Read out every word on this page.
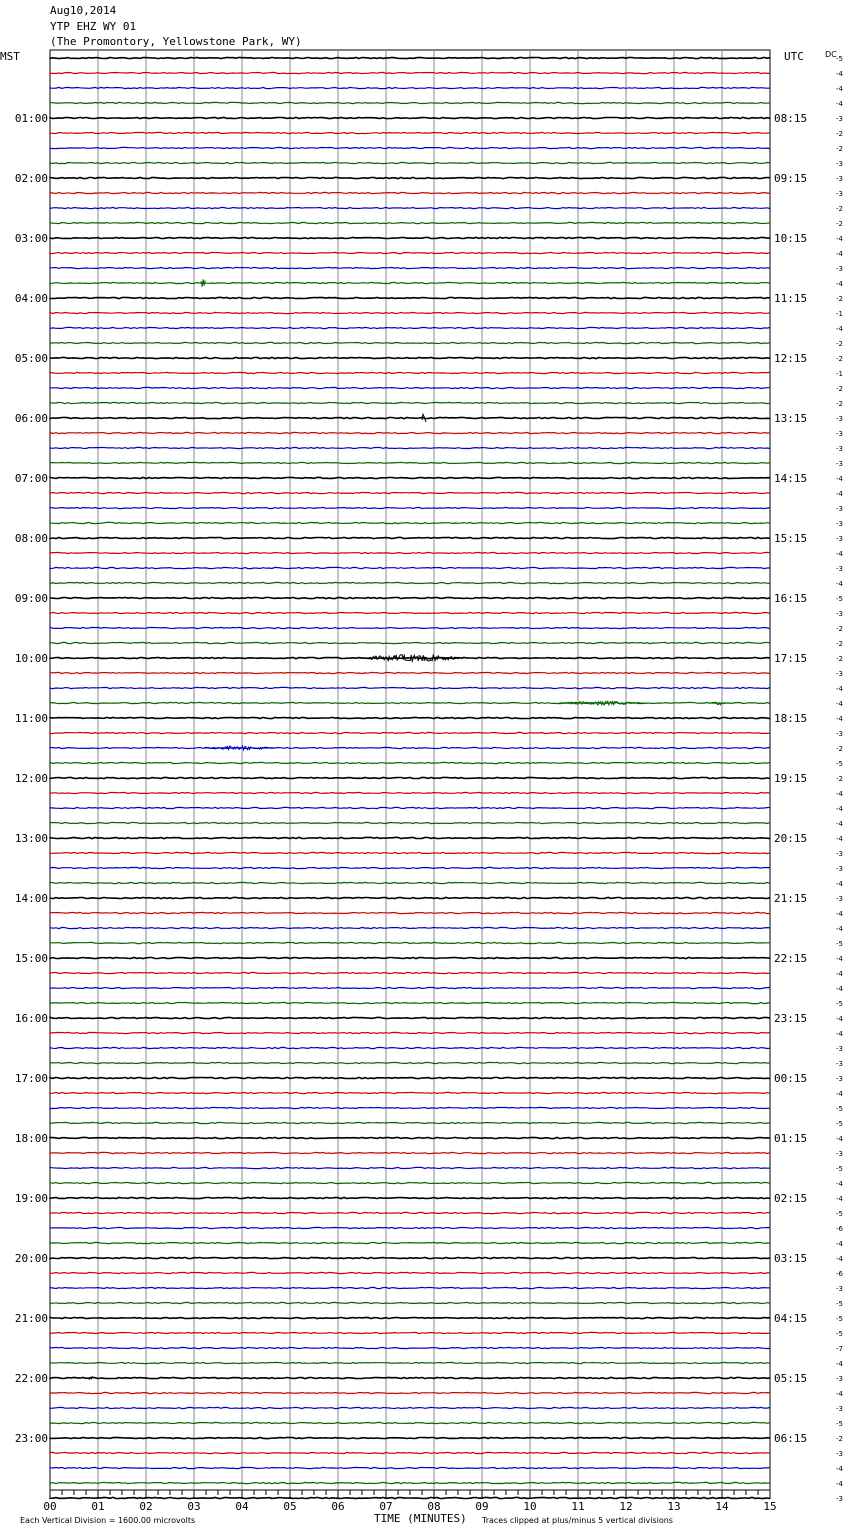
01:00
02:00
03:00
04:00
05:00
06:00
07:00
08:00
09:00
10:00
11:00
12:00
13:00
14:00
15:00
16:00
17:00
18:00
19:00
20:00
21:00
22:00
23:00
08:15
09:15
10:15
11:15
12:15
13:15
14:15
15:15
16:15
17:15
18:15
19:15
20:15
21:15
22:15
23:15
00:15
01:15
02:15
03:15
04:15
05:15
06:15
-5
-4
-4
-4
-3
-2
-2
-3
-3
-3
-2
-2
-4
-4
-3
-4
-2
-1
-4
-2
-2
-1
-2
-2
-3
-3
-3
-3
-4
-4
-3
-3
-3
-4
-3
-4
-5
-3
-2
-2
-2
-3
-4
-4
-4
-3
-2
-5
-2
-4
-4
-4
-4
-3
-3
-4
-3
-4
-4
-5
-4
-4
-4
-5
-4
-4
-3
-3
-3
-4
-5
-5
-4
-3
-5
-4
-4
-5
-6
-4
-4
-6
-3
-5
-5
-5
-7
-4
-3
-4
-3
-5
-2
-3
-4
-4
-3
00	01	02	03	04	05	06	07	08	09	10	11	12	13	14	15
Aug10,2014
YTP EHZ WY 01
(The Promontory, Yellowstone Park, WY)
MST	UTC	DC
Each Vertical Division = 1600.00 microvolts	TIME (MINUTES) Traces clipped at plus/minus 5 vertical divisions
